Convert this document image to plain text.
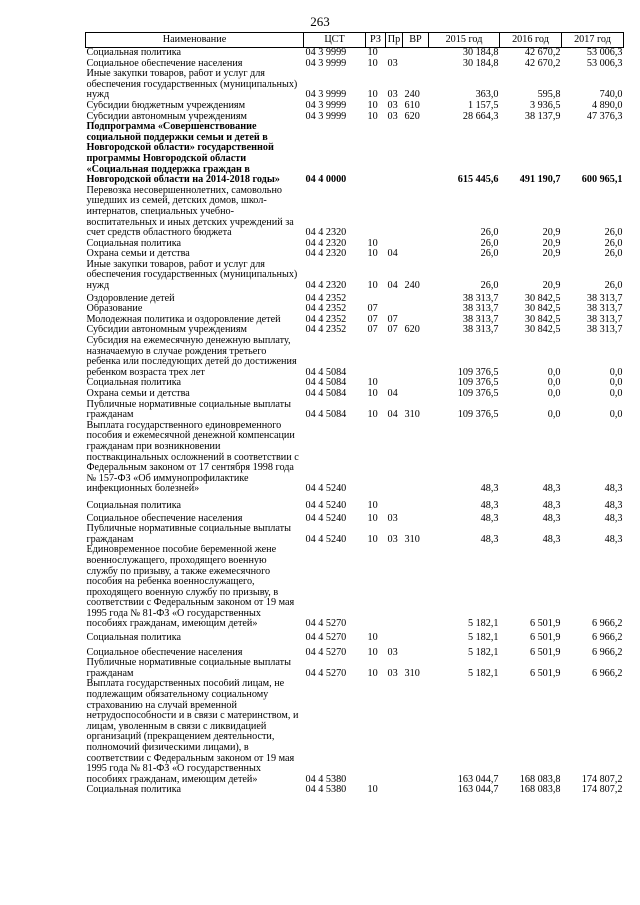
263
Наименование	ЦСТ	РЗ	Пр	ВР	2015 год	2016 год	2017 год
Социальная политика	04 3 9999	10			30 184,8	42 670,2	53 006,3
Социальное обеспечение населения	04 3 9999	10	03		30 184,8	42 670,2	53 006,3
Иные закупки товаров, работ и услуг для обеспечения государственных (муниципальных) нужд	04 3 9999	10	03	240	363,0	595,8	740,0
Субсидии бюджетным учреждениям	04 3 9999	10	03	610	1 157,5	3 936,5	4 890,0
Субсидии автономным учреждениям	04 3 9999	10	03	620	28 664,3	38 137,9	47 376,3
Подпрограмма «Совершенствование социальной поддержки семьи и детей в Новгородской области» государственной программы Новгородской области «Социальная поддержка граждан в Новгородской области на 2014-2018 годы»	04 4 0000				615 445,6	491 190,7	600 965,1
Перевозка несовершеннолетних, самовольно ушедших из семей, детских домов, школ-интернатов, специальных учебно-воспитательных и иных детских учреждений за счет средств областного бюджета	04 4 2320				26,0	20,9	26,0
Социальная политика	04 4 2320	10			26,0	20,9	26,0
Охрана семьи и детства	04 4 2320	10	04		26,0	20,9	26,0
Иные закупки товаров, работ и услуг для обеспечения государственных (муниципальных) нужд	04 4 2320	10	04	240	26,0	20,9	26,0
Оздоровление детей	04 4 2352				38 313,7	30 842,5	38 313,7
Образование	04 4 2352	07			38 313,7	30 842,5	38 313,7
Молодежная политика и оздоровление детей	04 4 2352	07	07		38 313,7	30 842,5	38 313,7
Субсидии автономным учреждениям	04 4 2352	07	07	620	38 313,7	30 842,5	38 313,7
Субсидия на ежемесячную денежную выплату, назначаемую в случае рождения третьего ребенка или последующих детей до достижения ребенком возраста трех лет	04 4 5084				109 376,5	0,0	0,0
Социальная политика	04 4 5084	10			109 376,5	0,0	0,0
Охрана семьи и детства	04 4 5084	10	04		109 376,5	0,0	0,0
Публичные нормативные социальные выплаты гражданам	04 4 5084	10	04	310	109 376,5	0,0	0,0
Выплата государственного единовременного пособия и ежемесячной денежной компенсации гражданам при возникновении поствакцинальных осложнений в соответствии с Федеральным законом от 17 сентября 1998 года № 157-ФЗ «Об иммунопрофилактике инфекционных болезней»	04 4 5240				48,3	48,3	48,3
Социальная политика	04 4 5240	10			48,3	48,3	48,3
Социальное обеспечение населения	04 4 5240	10	03		48,3	48,3	48,3
Публичные нормативные социальные выплаты гражданам	04 4 5240	10	03	310	48,3	48,3	48,3
Единовременное пособие беременной жене военнослужащего, проходящего военную службу по призыву, а также ежемесячного пособия на ребенка военнослужащего, проходящего военную службу по призыву, в соответствии с Федеральным законом от 19 мая 1995 года № 81-ФЗ «О государственных пособиях гражданам, имеющим детей»	04 4 5270				5 182,1	6 501,9	6 966,2
Социальная политика	04 4 5270	10			5 182,1	6 501,9	6 966,2
Социальное обеспечение населения	04 4 5270	10	03		5 182,1	6 501,9	6 966,2
Публичные нормативные социальные выплаты гражданам	04 4 5270	10	03	310	5 182,1	6 501,9	6 966,2
Выплата государственных пособий лицам, не подлежащим обязательному социальному страхованию на случай временной нетрудоспособности и в связи с материнством, и лицам, уволенным в связи с ликвидацией организаций (прекращением деятельности, полномочий физическими лицами), в соответствии с Федеральным законом от 19 мая 1995 года № 81-ФЗ «О государственных пособиях гражданам, имеющим детей»	04 4 5380				163 044,7	168 083,8	174 807,2
Социальная политика	04 4 5380	10			163 044,7	168 083,8	174 807,2
